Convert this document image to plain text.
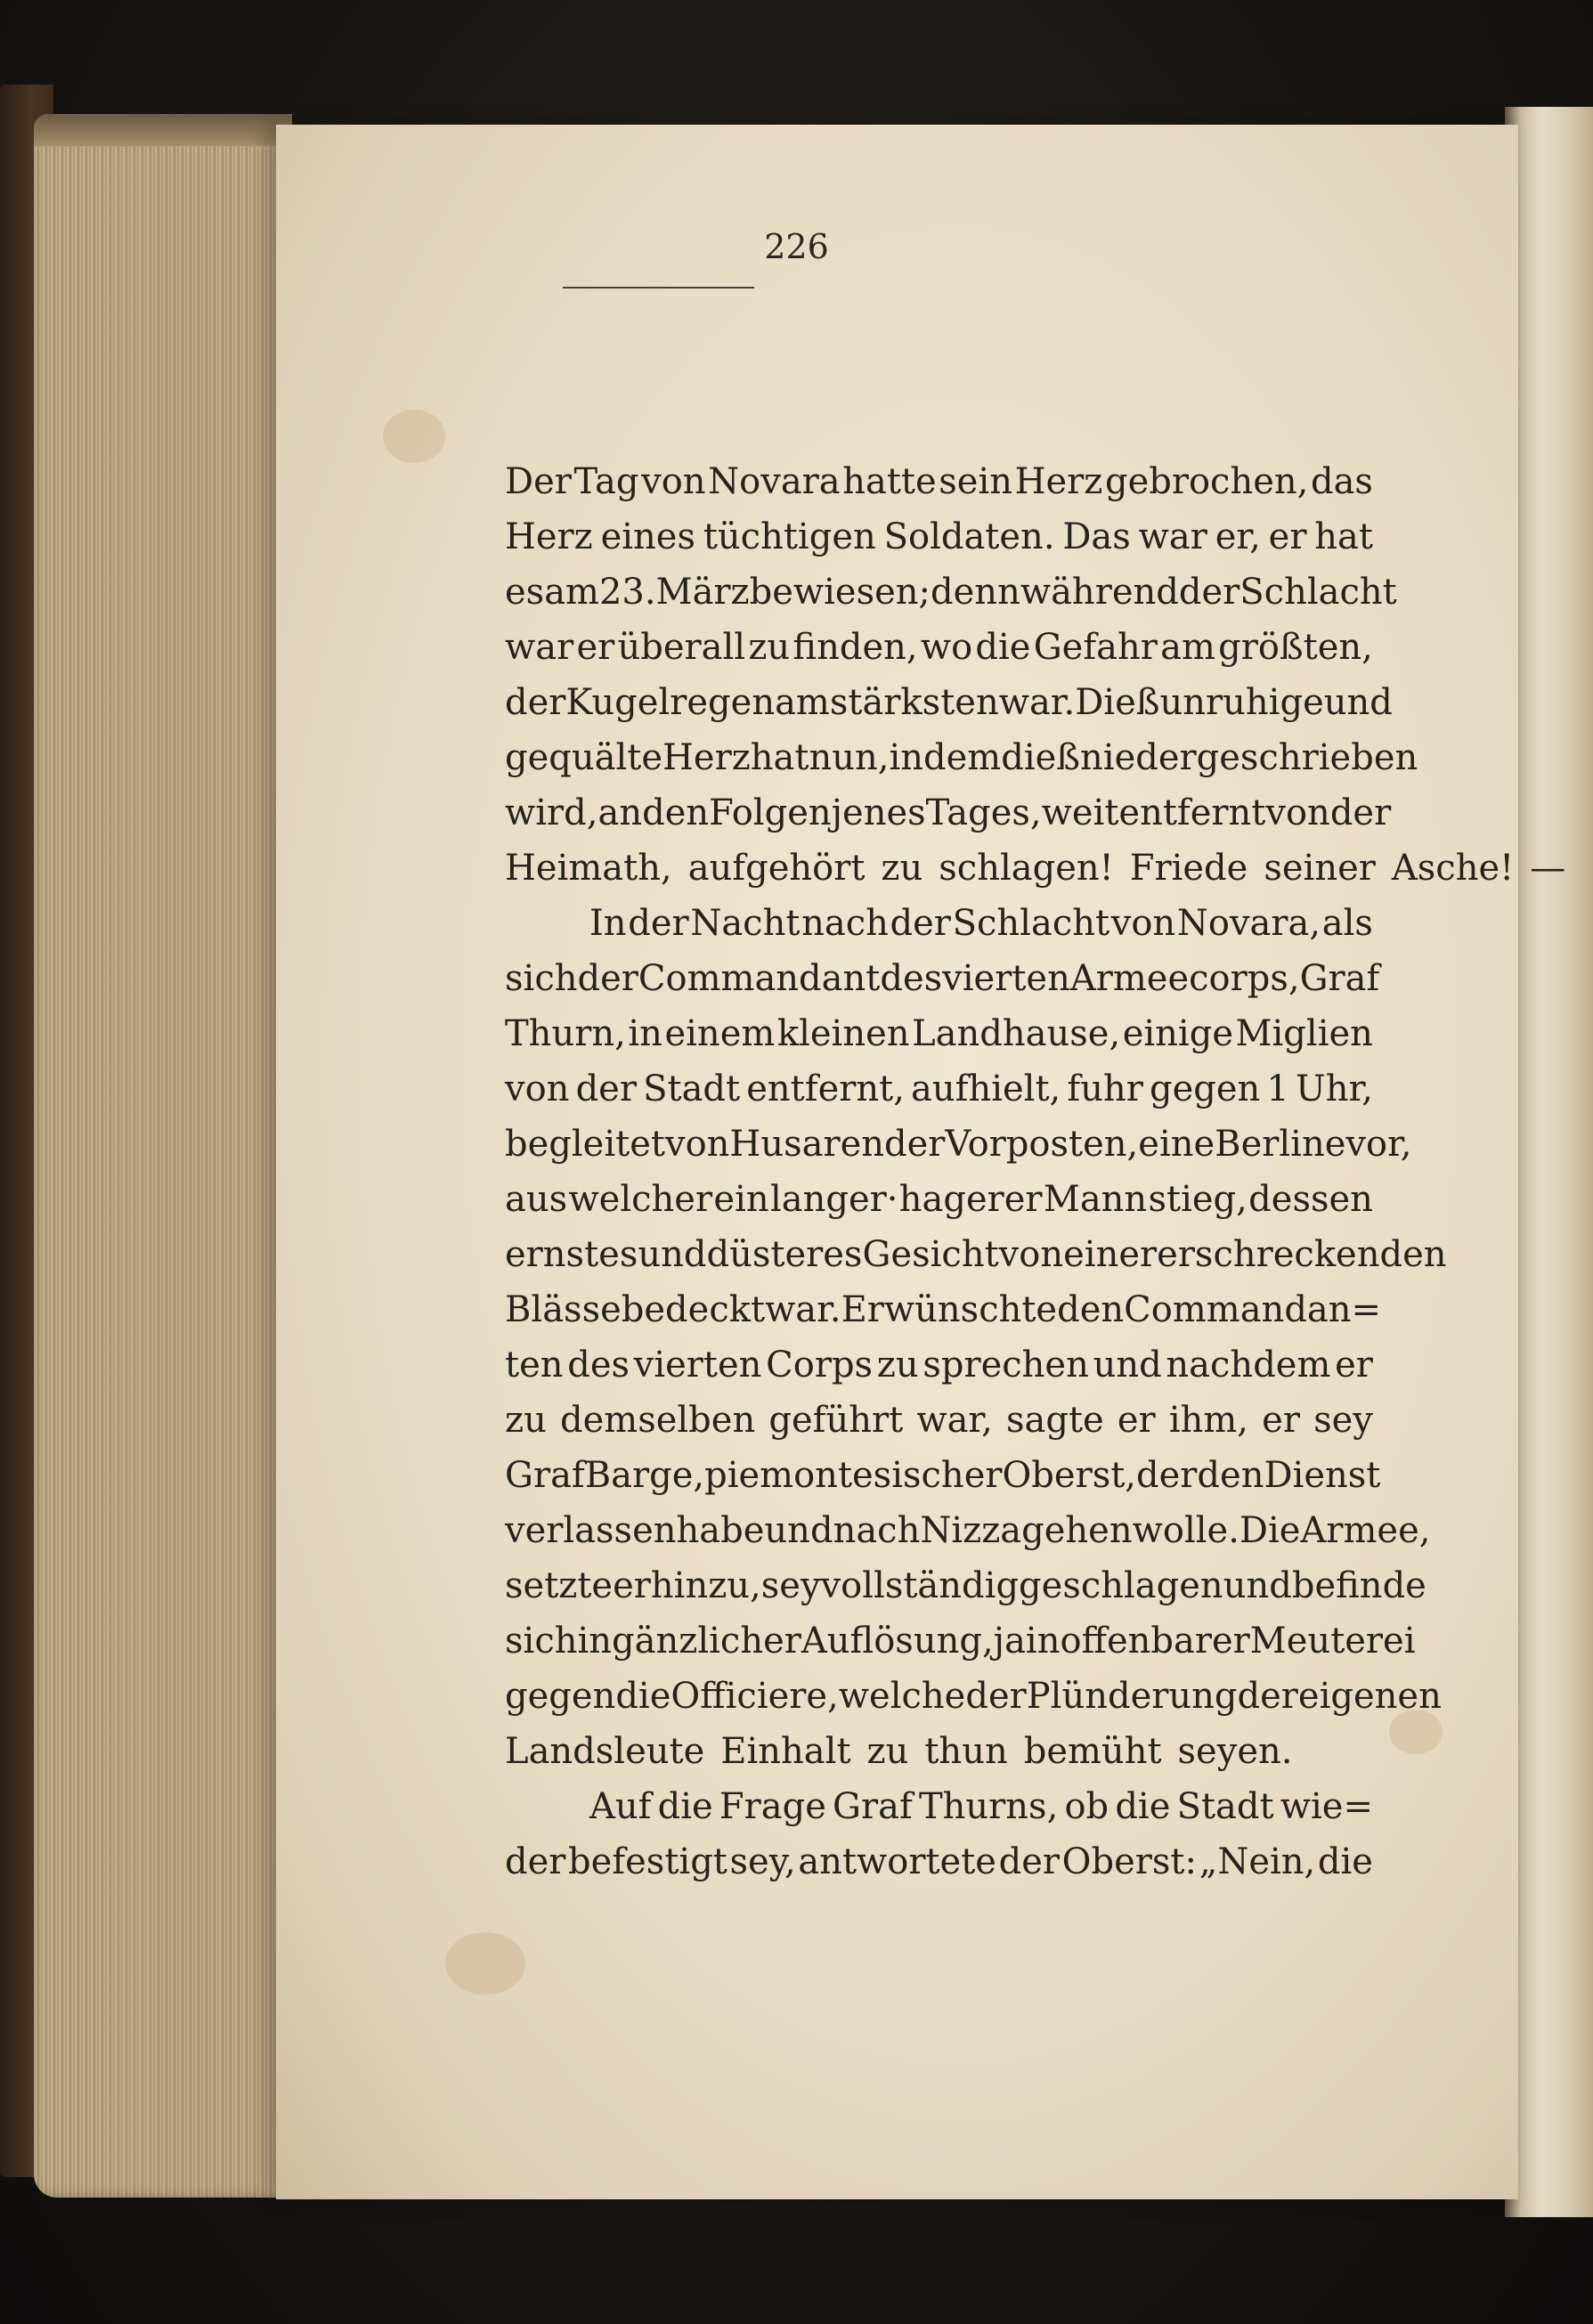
226
Der Tag von Novara hatte sein Herz gebrochen, das
Herz eines tüchtigen Soldaten. Das war er, er hat
es am 23. März bewiesen; denn während der Schlacht
war er überall zu finden, wo die Gefahr am größten,
der Kugelregen am stärksten war. Dieß unruhige und
gequälte Herz hat nun, indem dieß niedergeschrieben
wird, an den Folgen jenes Tages, weit entfernt von der
Heimath, aufgehört zu schlagen! Friede seiner Asche! —
In der Nacht nach der Schlacht von Novara, als
sich der Commandant des vierten Armeecorps, Graf
Thurn, in einem kleinen Landhause, einige Miglien
von der Stadt entfernt, aufhielt, fuhr gegen 1 Uhr,
begleitet von Husaren der Vorposten, eine Berline vor,
aus welcher ein langer· hagerer Mann stieg, dessen
ernstes und düsteres Gesicht von einer erschreckenden
Blässe bedeckt war. Er wünschte den Commandan=
ten des vierten Corps zu sprechen und nachdem er
zu demselben geführt war, sagte er ihm, er sey
Graf Barge, piemontesischer Oberst, der den Dienst
verlassen habe und nach Nizza gehen wolle. Die Armee,
setzte er hinzu, sey vollständig geschlagen und befinde
sich in gänzlicher Auflösung, ja in offenbarer Meuterei
gegen die Officiere, welche der Plünderung der eigenen
Landsleute Einhalt zu thun bemüht seyen.
Auf die Frage Graf Thurns, ob die Stadt wie=
der befestigt sey, antwortete der Oberst: „Nein, die
